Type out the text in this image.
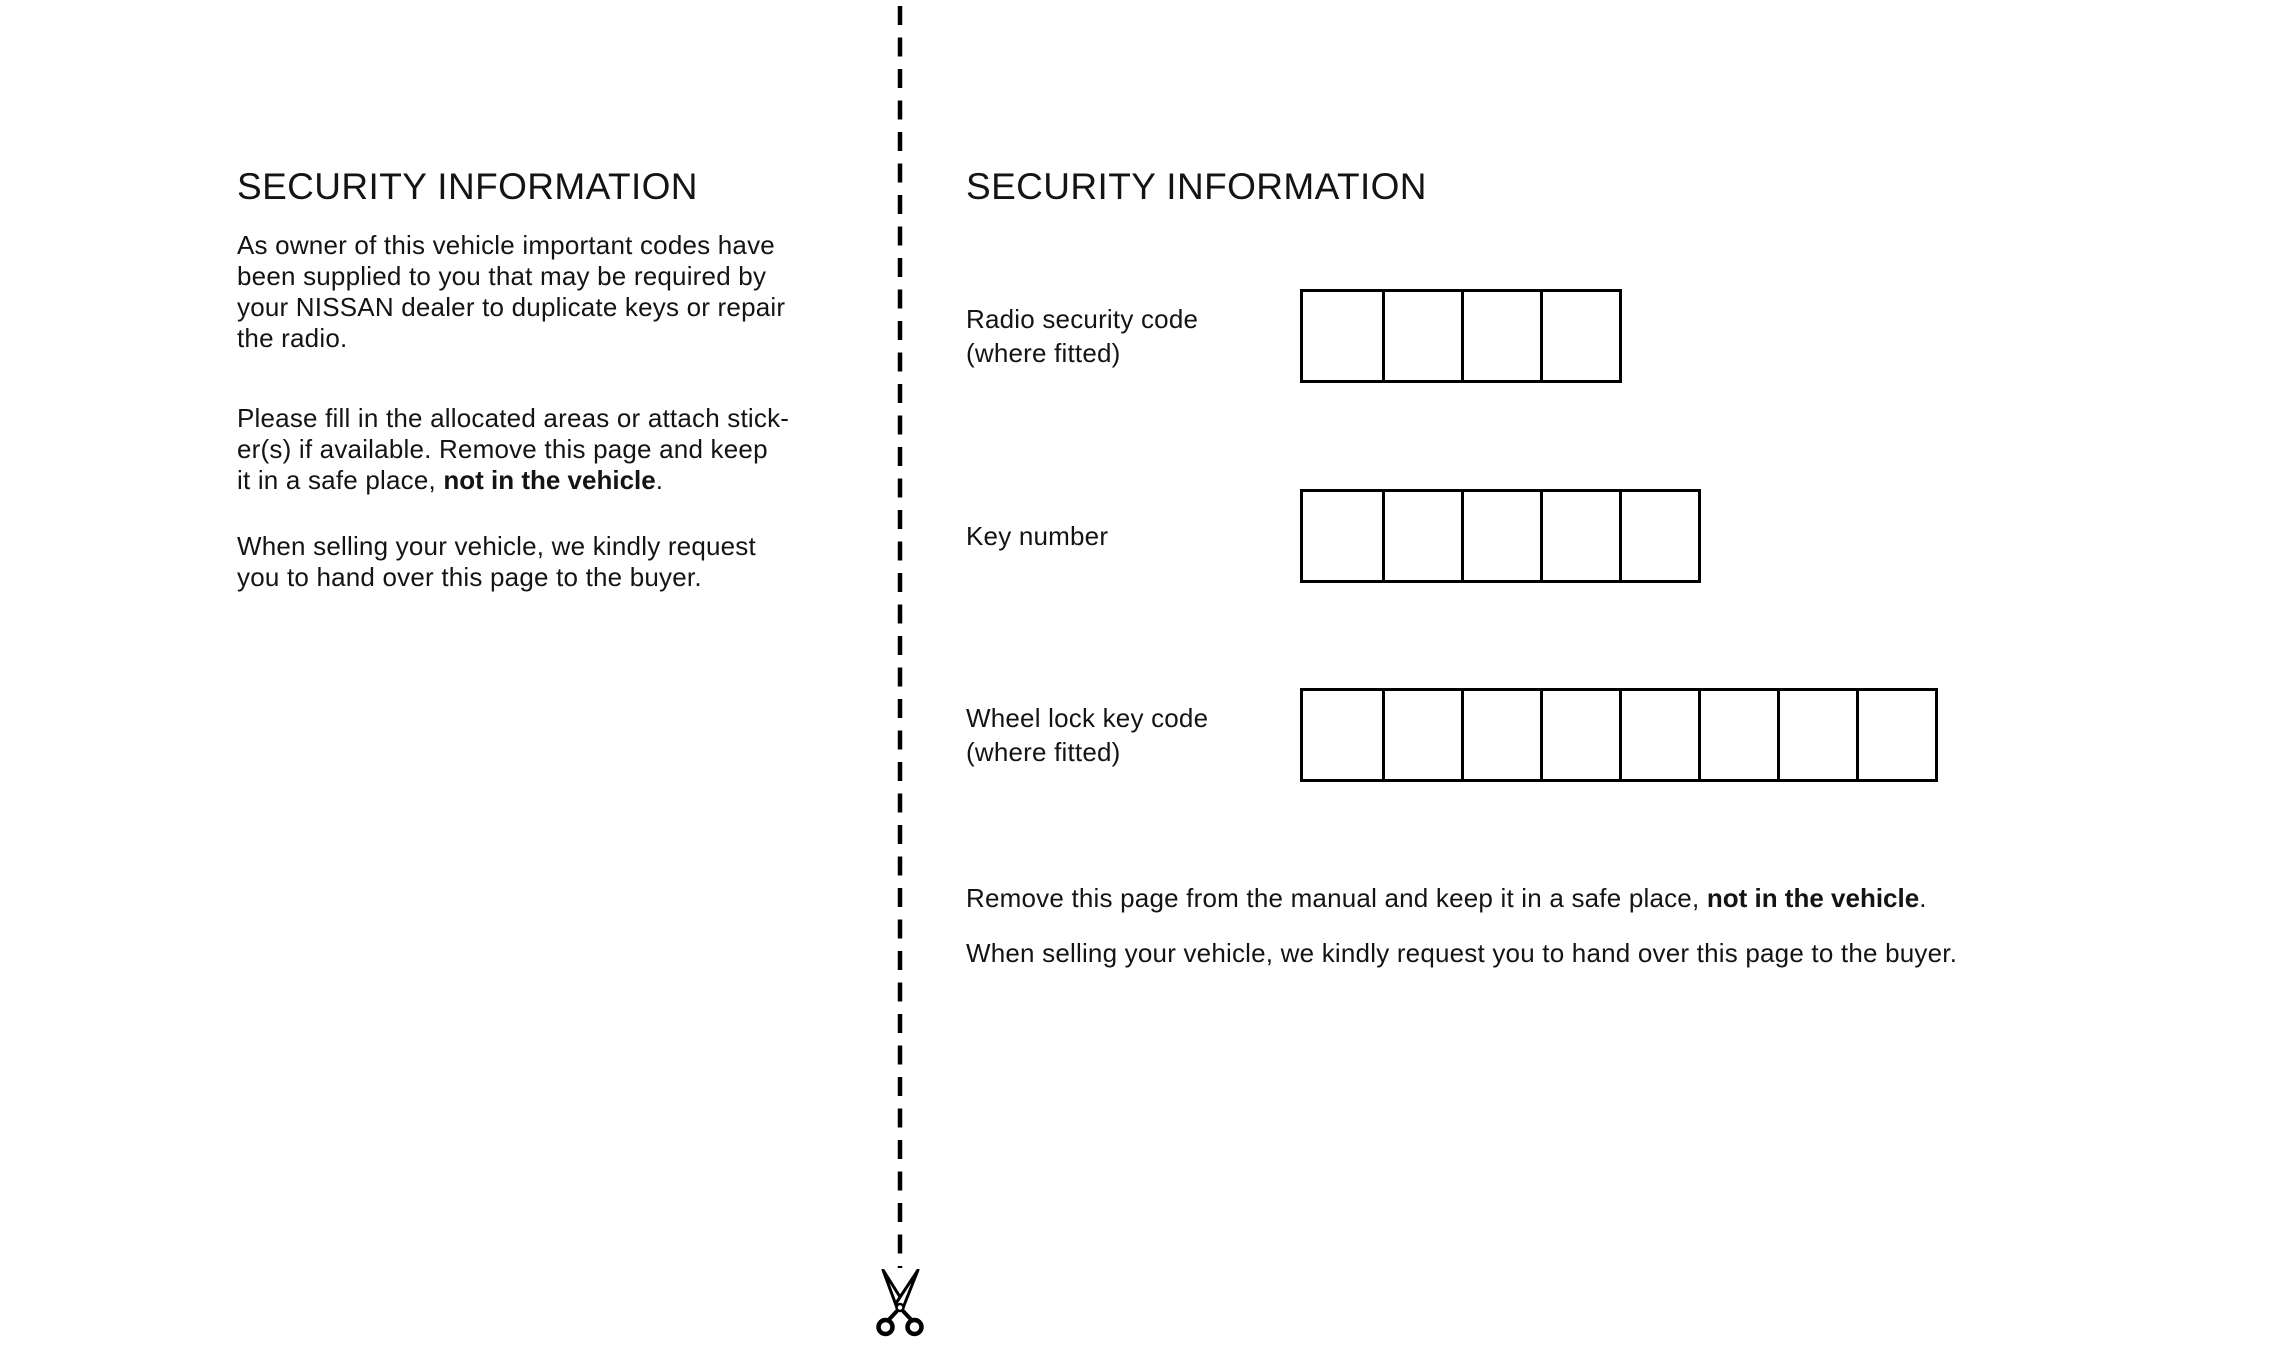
SECURITY INFORMATION

As owner of this vehicle important codes have
been supplied to you that may be required by
your NISSAN dealer to duplicate keys or repair
the radio.

Please fill in the allocated areas or attach stick-
er(s) if available. Remove this page and keep
it in a safe place, not in the vehicle.

When selling your vehicle, we kindly request
you to hand over this page to the buyer.

SECURITY INFORMATION
Radio security code
(where fitted)
Key number
Wheel lock key code
(where fitted)

Remove this page from the manual and keep it in a safe place, not in the vehicle.

When selling your vehicle, we kindly request you to hand over this page to the buyer.
